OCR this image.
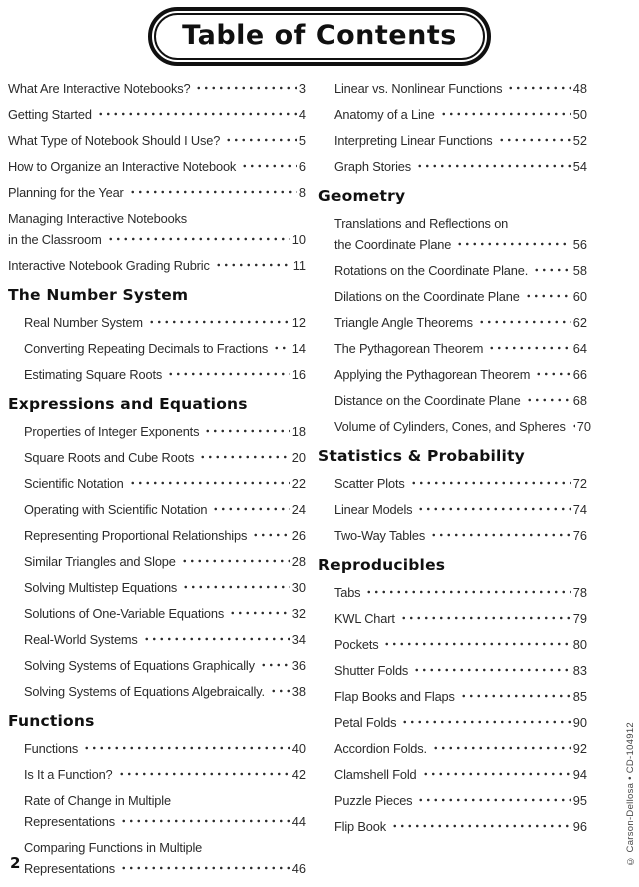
Table of Contents
What Are Interactive Notebooks?	3
Getting Started	4
What Type of Notebook Should I Use?	5
How to Organize an Interactive Notebook	6
Planning for the Year	8
Managing Interactive Notebooks
in the Classroom	10
Interactive Notebook Grading Rubric	11
The Number System
Real Number System	12
Converting Repeating Decimals to Fractions 14
Estimating Square Roots	16
Expressions and Equations
Properties of Integer Exponents	18
Square Roots and Cube Roots	20
Scientific Notation	22
Operating with Scientific Notation	24
Representing Proportional Relationships	26
Similar Triangles and Slope	28
Solving Multistep Equations	30
Solutions of One-Variable Equations	32
Real-World Systems	34
Solving Systems of Equations Graphically	36
Solving Systems of Equations Algebraically. 38
Functions
Functions	40
Is It a Function?	42
Rate of Change in Multiple
Representations	44
Comparing Functions in Multiple
Representations	46
Linear vs. Nonlinear Functions	48
Anatomy of a Line	50
Interpreting Linear Functions	52
Graph Stories	54
Geometry
Translations and Reflections on
the Coordinate Plane	56
Rotations on the Coordinate Plane.	58
Dilations on the Coordinate Plane	60
Triangle Angle Theorems	62
The Pythagorean Theorem	64
Applying the Pythagorean Theorem	66
Distance on the Coordinate Plane	68
Volume of Cylinders, Cones, and Spheres 70
Statistics & Probability
Scatter Plots	72
Linear Models	74
Two-Way Tables	76
Reproducibles
Tabs	78
KWL Chart	79
Pockets	80
Shutter Folds	83
Flap Books and Flaps	85
Petal Folds	90
Accordion Folds.	92
Clamshell Fold	94
Puzzle Pieces	95
Flip Book	96
2	© Carson-Dellosa • CD-104912
